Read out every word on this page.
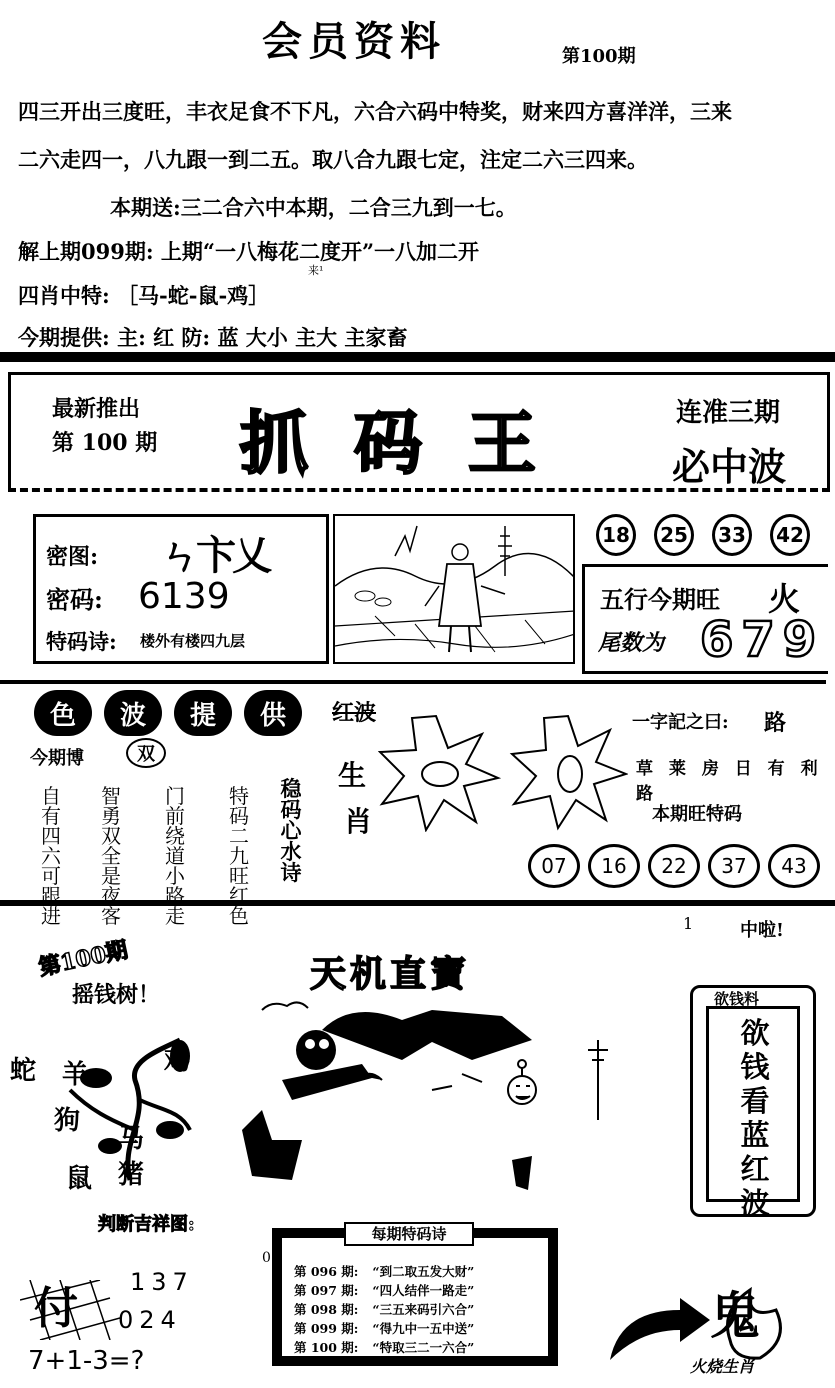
会员资料	第100期
四三开出三度旺，丰衣足食不下凡，六合六码中特奖，财来四方喜洋洋，三来
二六走四一，八九跟一到二五。取八合九跟七定，注定二六三四来。
本期送:三二合六中本期，二合三九到一七。
解上期099期: 上期“一八梅花二度开”一八加二开
四肖中特: ［马-蛇-鼠-鸡］
来¹
今期提供: 主: 红 防: 蓝 大小 主大 主家畜
最新推出
第 100 期 抓码王	连准三期
必中波
密图: ㄣ卞乂
密码: 6139
特码诗: 楼外有楼四九层
18	25	33	42
五行今期旺 火
尾数为 679
色	波	提	供	红波
今期博	双
自有四六可跟进
智勇双全是夜客
门前绕道小路走
特码二九旺红色
稳码心水诗
生
肖
一字記之曰: 路
草 莱 房 日 有 利 路
本期旺特码
07	16	22	37	43
第100期
摇钱树！	天机直寶
1	中啦!
蛇 羊	鸡
狗
马
猪
鼠
判断吉祥图:
欲钱料
欲钱看蓝红波
每期特码诗
0
第 096 期: “到二取五发大财”
第 097 期: “四人结伴一路走”
第 098 期: “三五来码引六合”
第 099 期: “得九中一五中送”
第 100 期: “特取三二一六合”
付
137
024
7+1-3=?
鬼
火烧生肖
